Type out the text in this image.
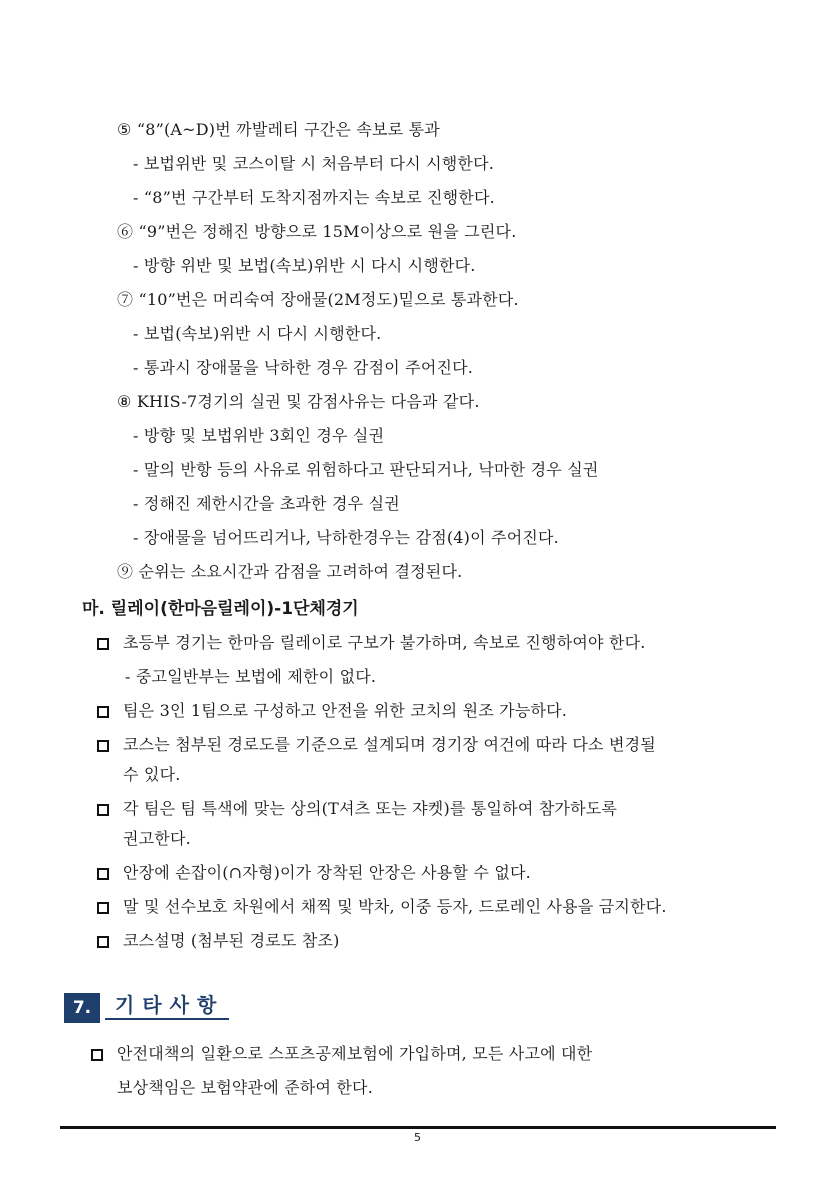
⑤ “8”(A~D)번 까발레티 구간은 속보로 통과
- 보법위반 및 코스이탈 시 처음부터 다시 시행한다.
- “8”번 구간부터 도착지점까지는 속보로 진행한다.
⑥ “9”번은 정해진 방향으로 15M이상으로 원을 그린다.
- 방향 위반 및 보법(속보)위반 시 다시 시행한다.
⑦ “10”번은 머리숙여 장애물(2M정도)밑으로 통과한다.
- 보법(속보)위반 시 다시 시행한다.
- 통과시 장애물을 낙하한 경우 감점이 주어진다.
⑧ KHIS-7경기의 실권 및 감점사유는 다음과 같다.
- 방향 및 보법위반 3회인 경우 실권
- 말의 반항 등의 사유로 위험하다고 판단되거나, 낙마한 경우 실권
- 정해진 제한시간을 초과한 경우 실권
- 장애물을 넘어뜨리거나, 낙하한경우는 감점(4)이 주어진다.
⑨ 순위는 소요시간과 감점을 고려하여 결정된다.
마. 릴레이(한마음릴레이)-1단체경기
초등부 경기는 한마음 릴레이로 구보가 불가하며, 속보로 진행하여야 한다.
- 중고일반부는 보법에 제한이 없다.
팀은 3인 1팀으로 구성하고 안전을 위한 코치의 원조 가능하다.
코스는 첨부된 경로도를 기준으로 설계되며 경기장 여건에 따라 다소 변경될
수 있다.
각 팀은 팀 특색에 맞는 상의(T셔츠 또는 쟈켓)를 통일하여 참가하도록
권고한다.
안장에 손잡이(∩자형)이가 장착된 안장은 사용할 수 없다.
말 및 선수보호 차원에서 채찍 및 박차, 이중 등자, 드로레인 사용을 금지한다.
코스설명 (첨부된 경로도 참조)
7.	기타사항
안전대책의 일환으로 스포츠공제보험에 가입하며, 모든 사고에 대한
보상책임은 보험약관에 준하여 한다.
5
